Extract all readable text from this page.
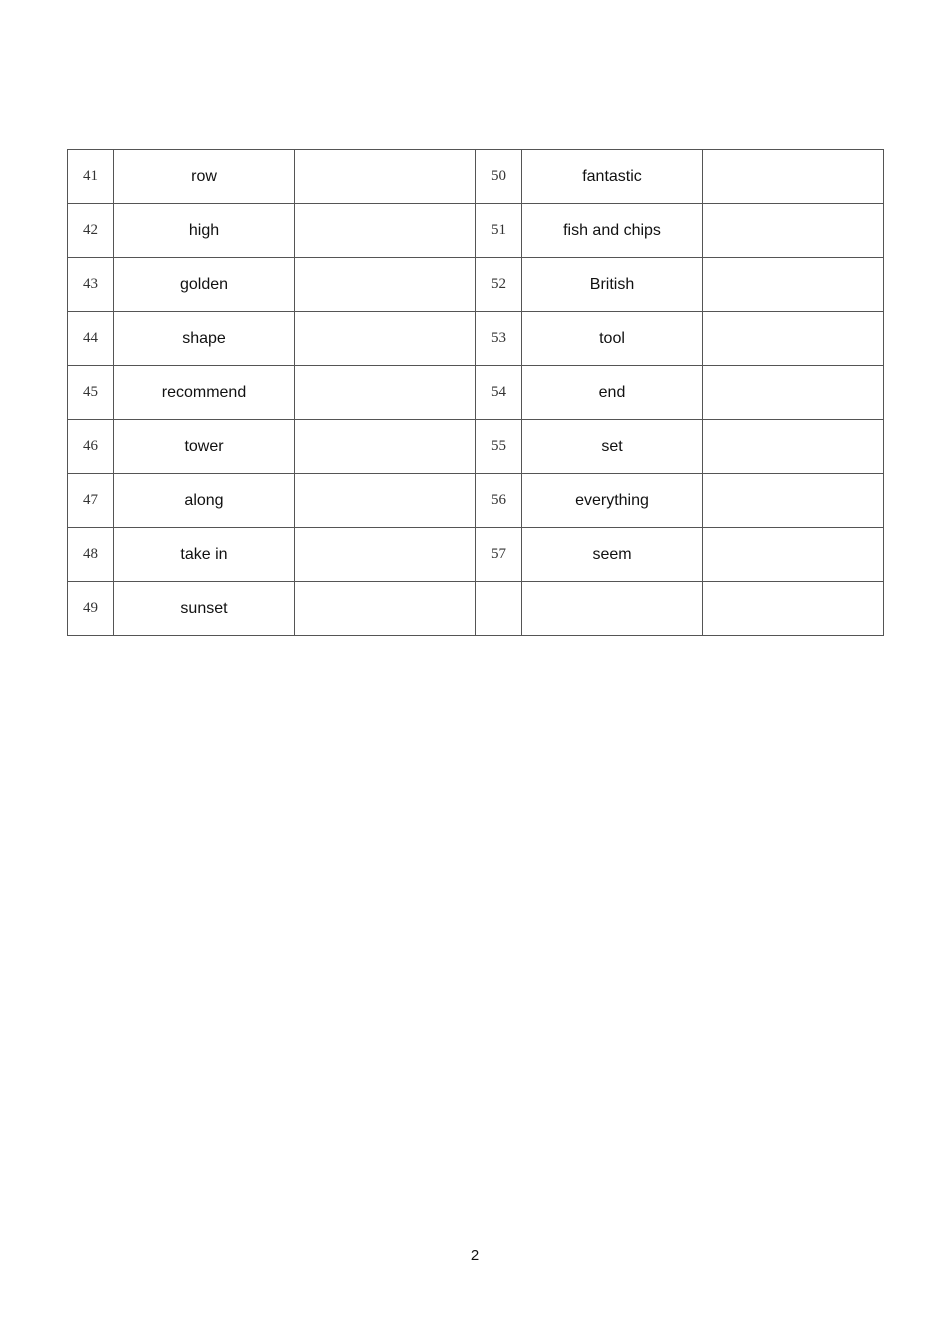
41	row		50	fantastic	
42	high		51	fish and chips	
43	golden		52	British	
44	shape		53	tool	
45	recommend		54	end	
46	tower		55	set	
47	along		56	everything	
48	take in		57	seem	
49	sunset				
2
